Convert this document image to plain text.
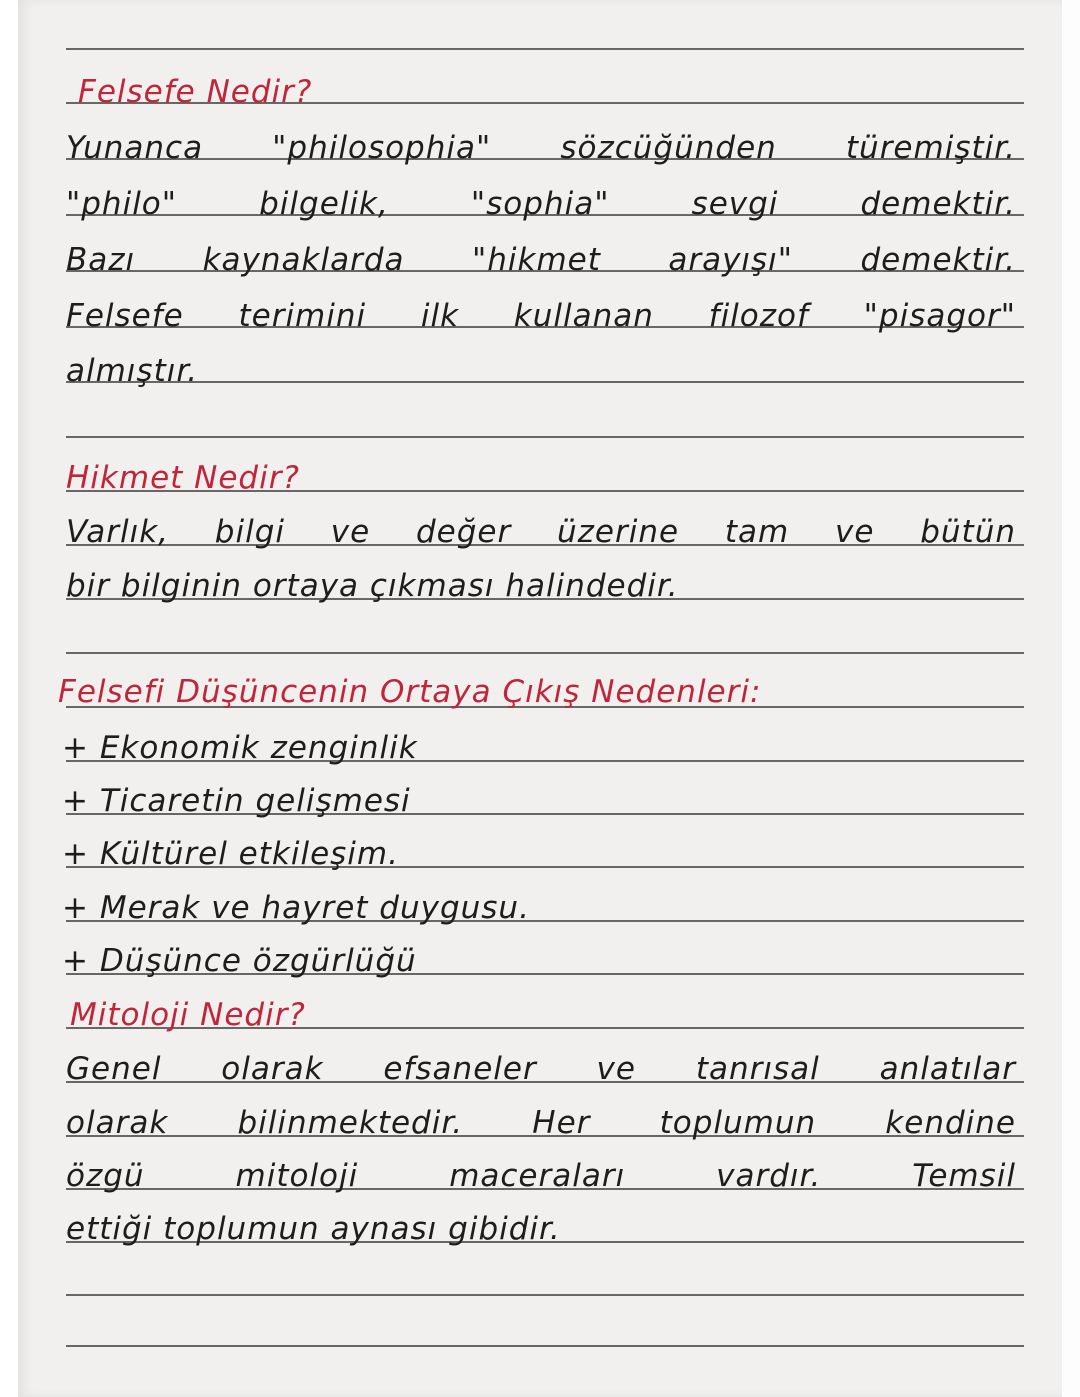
Felsefe Nedir?
Yunanca "philosophia" sözcüğünden türemiştir.
"philo" bilgelik, "sophia" sevgi demektir.
Bazı kaynaklarda "hikmet arayışı" demektir.
Felsefe terimini ilk kullanan filozof "pisagor"
almıştır.
Hikmet Nedir?
Varlık, bilgi ve değer üzerine tam ve bütün
bir bilginin ortaya çıkması halindedir.
Felsefi Düşüncenin Ortaya Çıkış Nedenleri:
+ Ekonomik zenginlik
+ Ticaretin gelişmesi
+ Kültürel etkileşim.
+ Merak ve hayret duygusu.
+ Düşünce özgürlüğü
Mitoloji Nedir?
Genel olarak efsaneler ve tanrısal anlatılar
olarak bilinmektedir. Her toplumun kendine
özgü mitoloji maceraları vardır. Temsil
ettiği toplumun aynası gibidir.
